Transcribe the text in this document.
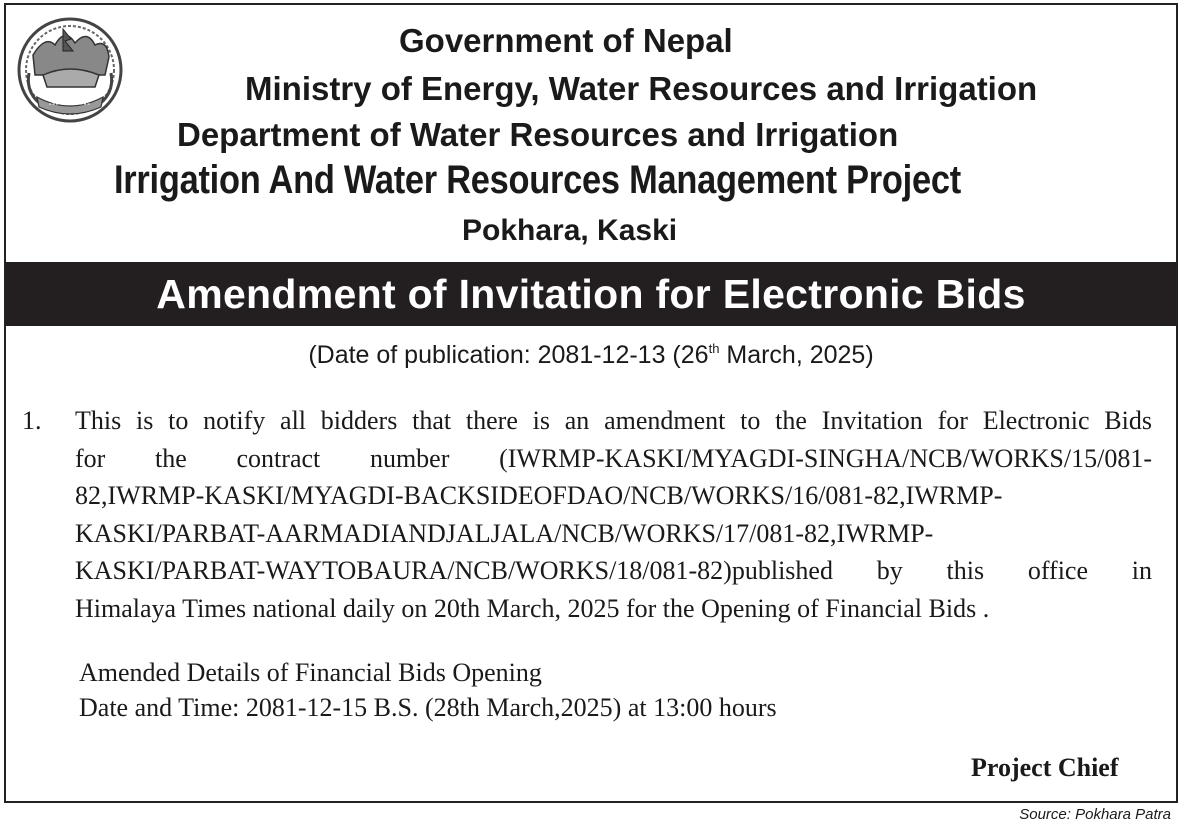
Government of Nepal
Ministry of Energy, Water Resources and Irrigation
Department of Water Resources and Irrigation
Irrigation And Water Resources Management Project
Pokhara, Kaski
Amendment of Invitation for Electronic Bids
(Date of publication: 2081-12-13 (26th March, 2025)
1. This is to notify all bidders that there is an amendment to the Invitation for Electronic Bids
for the contract number (IWRMP-KASKI/MYAGDI-SINGHA/NCB/WORKS/15/081-
82,IWRMP-KASKI/MYAGDI-BACKSIDEOFDAO/NCB/WORKS/16/081-82,IWRMP-
KASKI/PARBAT-AARMADIANDJALJALA/NCB/WORKS/17/081-82,IWRMP-
KASKI/PARBAT-WAYTOBAURA/NCB/WORKS/18/081-82)published by this office in
Himalaya Times national daily on 20th March, 2025 for the Opening of Financial Bids .
Amended Details of Financial Bids Opening
Date and Time: 2081-12-15 B.S. (28th March,2025) at 13:00 hours
Project Chief
Source: Pokhara Patra
